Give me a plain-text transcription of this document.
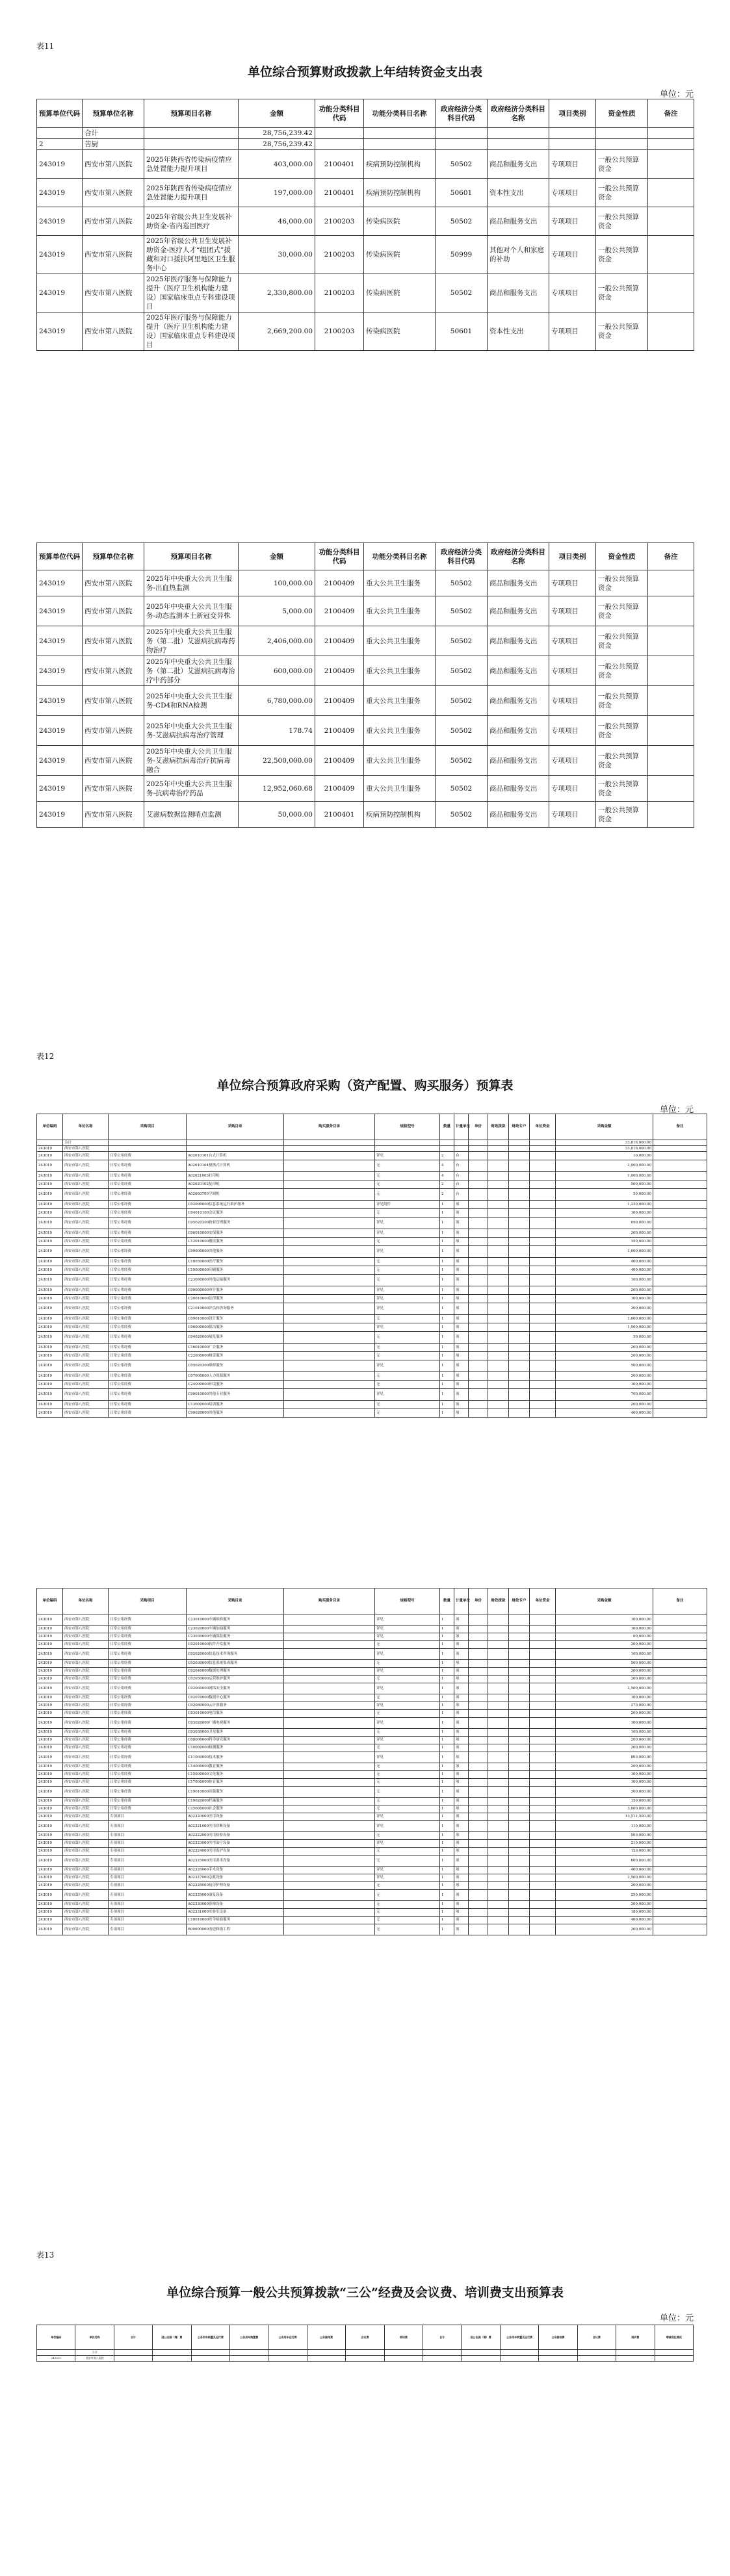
表11
单位综合预算财政拨款上年结转资金支出表
单位：元
预算单位代码	预算单位名称	预算项目名称	金额	功能分类科目代码	功能分类科目名称	政府经济分类科目代码	政府经济分类科目名称	项目类别	资金性质	备注
	合计		28,756,239.42							
2	苦厨		28,756,239.42							
243019	西安市第八医院	2025年陕西省传染病疫情应急处置能力提升项目	403,000.00	2100401	疾病预防控制机构	50502	商品和服务支出	专项项目	一般公共预算资金	
243019	西安市第八医院	2025年陕西省传染病疫情应急处置能力提升项目	197,000.00	2100401	疾病预防控制机构	50601	资本性支出	专项项目	一般公共预算资金	
243019	西安市第八医院	2025年省级公共卫生发展补助资金-省内巡回医疗	46,000.00	2100203	传染病医院	50502	商品和服务支出	专项项目	一般公共预算资金	
243019	西安市第八医院	2025年省级公共卫生发展补助资金-医疗人才“组团式”援藏和对口援扶阿里地区卫生服务中心	30,000.00	2100203	传染病医院	50999	其他对个人和家庭的补助	专项项目	一般公共预算资金	
243019	西安市第八医院	2025年医疗服务与保障能力提升（医疗卫生机构能力建设）国家临床重点专科建设项目	2,330,800.00	2100203	传染病医院	50502	商品和服务支出	专项项目	一般公共预算资金	
243019	西安市第八医院	2025年医疗服务与保障能力提升（医疗卫生机构能力建设）国家临床重点专科建设项目	2,669,200.00	2100203	传染病医院	50601	资本性支出	专项项目	一般公共预算资金	
预算单位代码	预算单位名称	预算项目名称	金额	功能分类科目代码	功能分类科目名称	政府经济分类科目代码	政府经济分类科目名称	项目类别	资金性质	备注
243019	西安市第八医院	2025年中央重大公共卫生服务-出血热监测	100,000.00	2100409	重大公共卫生服务	50502	商品和服务支出	专项项目	一般公共预算资金	
243019	西安市第八医院	2025年中央重大公共卫生服务-动态监测本土新冠变异株	5,000.00	2100409	重大公共卫生服务	50502	商品和服务支出	专项项目	一般公共预算资金	
243019	西安市第八医院	2025年中央重大公共卫生服务（第二批）艾滋病抗病毒药物治疗	2,406,000.00	2100409	重大公共卫生服务	50502	商品和服务支出	专项项目	一般公共预算资金	
243019	西安市第八医院	2025年中央重大公共卫生服务（第二批）艾滋病抗病毒治疗中药部分	600,000.00	2100409	重大公共卫生服务	50502	商品和服务支出	专项项目	一般公共预算资金	
243019	西安市第八医院	2025年中央重大公共卫生服务-CD4和RNA检测	6,780,000.00	2100409	重大公共卫生服务	50502	商品和服务支出	专项项目	一般公共预算资金	
243019	西安市第八医院	2025年中央重大公共卫生服务-艾滋病抗病毒治疗管理	178.74	2100409	重大公共卫生服务	50502	商品和服务支出	专项项目	一般公共预算资金	
243019	西安市第八医院	2025年中央重大公共卫生服务-艾滋病抗病毒治疗抗病毒融合	22,500,000.00	2100409	重大公共卫生服务	50502	商品和服务支出	专项项目	一般公共预算资金	
243019	西安市第八医院	2025年中央重大公共卫生服务-抗病毒治疗药品	12,952,060.68	2100409	重大公共卫生服务	50502	商品和服务支出	专项项目	一般公共预算资金	
243019	西安市第八医院	艾滋病数据监测哨点监测	50,000.00	2100401	疾病预防控制机构	50502	商品和服务支出	专项项目	一般公共预算资金	
表12
单位综合预算政府采购（资产配置、购买服务）预算表
单位：元
单位编码	单位名称	采购项目	采购目录	购买服务目录	规格型号	数量	计量单位	单价	财政拨款	财政专户	单位资金	采购金额	备注
	合计											33,816,000.00	
243019	西安市第八医院											33,816,000.00	
243019	西安市第八医院	日常公用经费	A02010101台式计算机		详见	2	台					10,000.00	
243019	西安市第八医院	日常公用经费	A02010104便携式计算机		无	4	台					2,000,000.00	
243019	西安市第八医院	日常公用经费	A02021003打印机		无	4	台					1,000,000.00	
243019	西安市第八医院	日常公用经费	A02020102复印机		无	2	台					500,000.00	
243019	西安市第八医院	日常公用经费	A02060700空调机		无	2	台					50,000.00	
243019	西安市第八医院	日常公用经费	C02090000信息系统运行维护服务		详见附件	1	项					1,230,000.00	
243019	西安市第八医院	日常公用经费	C04010100会议服务		无	1	项					100,000.00	
243019	西安市第八医院	日常公用经费	C05020200物业管理服务		详见	1	项					690,000.00	
243019	西安市第八医院	日常公用经费	C06010000安保服务		详见	1	项					300,000.00	
243019	西安市第八医院	日常公用经费	C12010000餐饮服务		无	1	项					350,000.00	
243019	西安市第八医院	日常公用经费	C99000000其他服务		详见	1	项					1,000,000.00	
243019	西安市第八医院	日常公用经费	C18050000医疗服务		无	1	项					400,000.00	
243019	西安市第八医院	日常公用经费	C19000000印刷服务		无	1	项					400,000.00	
243019	西安市第八医院	日常公用经费	C23090000其他运输服务		无	1	项					100,000.00	
243019	西安市第八医院	日常公用经费	C09000000审计服务		详见	1	项					200,000.00	
243019	西安市第八医院	日常公用经费	C20010000法律服务		详见	1	项					100,000.00	
243019	西安市第八医院	日常公用经费	C21010000评估和咨询服务		详见	1	项					300,000.00	
243019	西安市第八医院	日常公用经费	C09010000设计服务		无	1	项					1,000,000.00	
243019	西安市第八医院	日常公用经费	C06000000保洁服务		详见	1	项					1,000,000.00	
243019	西安市第八医院	日常公用经费	C04020000展览服务		无	1	项					50,000.00	
243019	西安市第八医院	日常公用经费	C16010000广告服务		无	1	项					200,000.00	
243019	西安市第八医院	日常公用经费	C22000000租赁服务		无	1	项					200,000.00	
243019	西安市第八医院	日常公用经费	C05020300维修服务		详见	1	项					500,000.00	
243019	西安市第八医院	日常公用经费	C07000000人力资源服务		无	1	项					300,000.00	
243019	西安市第八医院	日常公用经费	C24000000环境服务		无	1	项					100,000.00	
243019	西安市第八医院	日常公用经费	C99010000其他专业服务		详见	1	项					700,000.00	
243019	西安市第八医院	日常公用经费	C13000000培训服务		无	1	项					200,000.00	
243019	西安市第八医院	日常公用经费	C99020000其他服务		无	1	项					400,000.00	
单位编码	单位名称	采购项目	采购目录	购买服务目录	规格型号	数量	计量单位	单价	财政拨款	财政专户	单位资金	采购金额	备注
243019	西安市第八医院	日常公用经费	C23010000车辆维修服务		详见	1	项					100,000.00	
243019	西安市第八医院	日常公用经费	C23020000车辆加油服务		详见	1	项					100,000.00	
243019	西安市第八医院	日常公用经费	C23030000车辆保险服务		详见	1	项					60,000.00	
243019	西安市第八医院	日常公用经费	C02010000软件开发服务		无	1	项					300,000.00	
243019	西安市第八医院	日常公用经费	C02020000信息技术咨询服务		详见	1	项					100,000.00	
243019	西安市第八医院	日常公用经费	C02030000信息系统集成服务		无	1	项					500,000.00	
243019	西安市第八医院	日常公用经费	C02040000数据处理服务		详见	1	项					300,000.00	
243019	西安市第八医院	日常公用经费	C02050000运营维护服务		无	1	项					200,000.00	
243019	西安市第八医院	日常公用经费	C02060000网络安全服务		详见	1	项					2,500,000.00	
243019	西安市第八医院	日常公用经费	C02070000数据中心服务		无	1	项					100,000.00	
243019	西安市第八医院	日常公用经费	C02080000云计算服务		详见	1	项					370,000.00	
243019	西安市第八医院	日常公用经费	C03010000电信服务		无	1	项					200,000.00	
243019	西安市第八医院	日常公用经费	C03020000广播电视服务		详见	1	项					100,000.00	
243019	西安市第八医院	日常公用经费	C03030000卫星服务		无	1	项					100,000.00	
243019	西安市第八医院	日常公用经费	C08000000科学研究服务		详见	1	项					200,000.00	
243019	西安市第八医院	日常公用经费	C10000000检测服务		无	1	项					300,000.00	
243019	西安市第八医院	日常公用经费	C11000000技术服务		详见	1	项					800,000.00	
243019	西安市第八医院	日常公用经费	C14000000教育服务		无	1	项					200,000.00	
243019	西安市第八医院	日常公用经费	C15000000文化服务		无	1	项					100,000.00	
243019	西安市第八医院	日常公用经费	C17000000体育服务		无	1	项					100,000.00	
243019	西安市第八医院	日常公用经费	C19010000出版服务		无	1	项					300,000.00	
243019	西安市第八医院	日常公用经费	C19020000档案服务		无	1	项					150,000.00	
243019	西安市第八医院	日常公用经费	C25000000社会服务		无	1	项					3,000,000.00	
243019	西安市第八医院	专项项目	A02320000医用设备		详见	1	项					13,511,500.00	
243019	西安市第八医院	专项项目	A02321000医用诊断设备		详见	1	项					110,000.00	
243019	西安市第八医院	专项项目	A02322000医用检验设备		无	1	项					500,000.00	
243019	西安市第八医院	专项项目	A02323000医用治疗设备		详见	1	项					210,000.00	
243019	西安市第八医院	专项项目	A02324000医用监护设备		无	1	项					120,000.00	
243019	西安市第八医院	专项项目	A02325000医用消毒设备		无	1	项					600,000.00	
243019	西安市第八医院	专项项目	A02326000手术设备		详见	1	项					400,000.00	
243019	西安市第八医院	专项项目	A02327000急救设备		详见	1	项					1,500,000.00	
243019	西安市第八医院	专项项目	A02328000病房护理设备		无	1	项					200,000.00	
243019	西安市第八医院	专项项目	A02329000康复设备		无	1	项					250,000.00	
243019	西安市第八医院	专项项目	A02330000影像设备		无	1	项					300,000.00	
243019	西安市第八医院	专项项目	A02331000实验室设备		无	1	项					180,000.00	
243019	西安市第八医院	专项项目	C18010000医学检验服务		无	1	项					400,000.00	
243019	西安市第八医院	专项项目	B00000000改造修缮工程		无	1	项					300,000.00	
表13
单位综合预算一般公共预算拨款“三公”经费及会议费、培训费支出预算表
单位：元
单位编码	单位名称	合计	因公出国（境）费	公务用车购置及运行费	公务用车购置费	公务用车运行费	公务接待费	会议费	培训费	合计	因公出国（境）费	公务用车购置及运行费	公务接待费	会议费	培训费	增减变化情况
	合计															
243019	西安市第八医院															
